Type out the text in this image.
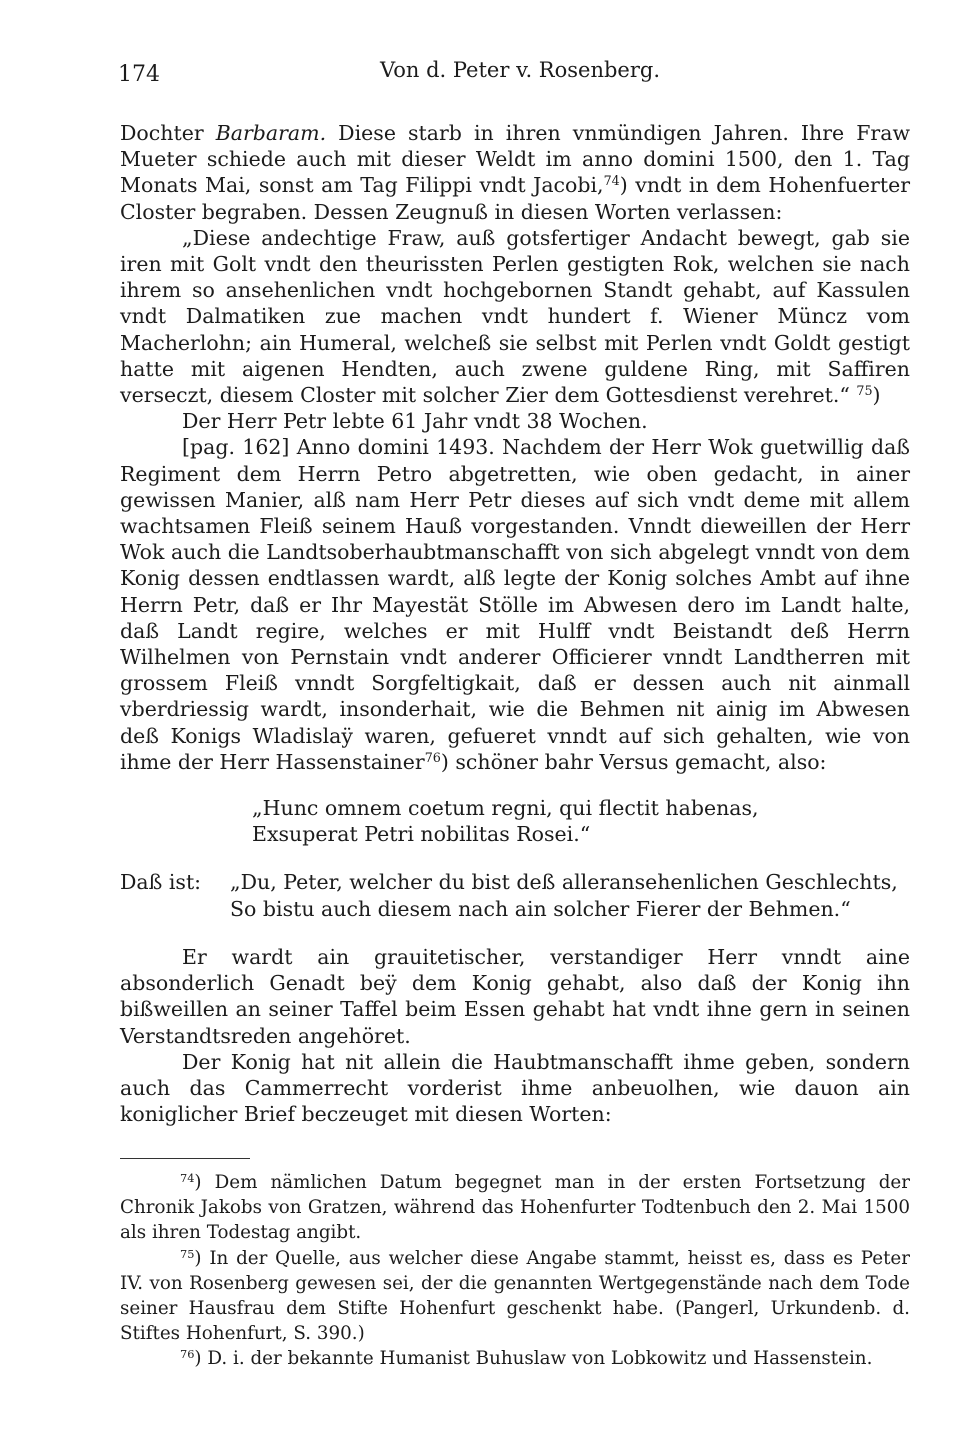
174	Von d. Peter v. Rosenberg.

Dochter Barbaram. Diese starb in ihren vnmündigen Jahren. Ihre Fraw Mueter schiede auch mit dieser Weldt im anno domini 1500, den 1. Tag Monats Mai, sonst am Tag Filippi vndt Jacobi,$^{74}$) vndt in dem Hohenfuerter Closter begraben. Dessen Zeugnuß in diesen Worten verlassen:

„Diese andechtige Fraw, auß gotsfertiger Andacht bewegt, gab sie iren mit Golt vndt den theurissten Perlen gestigten Rok, welchen sie nach ihrem so ansehenlichen vndt hochgebornen Standt gehabt, auf Kassulen vndt Dalmatiken zue machen vndt hundert f. Wiener Müncz vom Macherlohn; ain Humeral, welcheß sie selbst mit Perlen vndt Goldt gestigt hatte mit aigenen Hendten, auch zwene guldene Ring, mit Saffiren verseczt, diesem Closter mit solcher Zier dem Gottesdienst verehret.“ $^{75}$)

Der Herr Petr lebte 61 Jahr vndt 38 Wochen.

[pag. 162] Anno domini 1493. Nachdem der Herr Wok guetwillig daß Regiment dem Herrn Petro abgetretten, wie oben gedacht, in ainer gewissen Manier, alß nam Herr Petr dieses auf sich vndt deme mit allem wachtsamen Fleiß seinem Hauß vorgestanden. Vnndt dieweillen der Herr Wok auch die Landtsoberhaubtmanschafft von sich abgelegt vnndt von dem Konig dessen endtlassen wardt, alß legte der Konig solches Ambt auf ihne Herrn Petr, daß er Ihr Mayestät Stölle im Abwesen dero im Landt halte, daß Landt regire, welches er mit Hulff vndt Beistandt deß Herrn Wilhelmen von Pernstain vndt anderer Officierer vnndt Landtherren mit grossem Fleiß vnndt Sorgfeltigkait, daß er dessen auch nit ainmall vberdriessig wardt, insonderhait, wie die Behmen nit ainig im Abwesen deß Konigs Wladislaÿ waren, gefueret vnndt auf sich gehalten, wie von ihme der Herr Hassenstainer$^{76}$) schöner bahr Versus gemacht, also:

„Hunc omnem coetum regni, qui flectit habenas,
Exsuperat Petri nobilitas Rosei.“
Daß ist:	„Du, Peter, welcher du bist deß alleransehenlichen Geschlechts,
So bistu auch diesem nach ain solcher Fierer der Behmen.“

Er wardt ain grauitetischer, verstandiger Herr vnndt aine absonderlich Genadt beÿ dem Konig gehabt, also daß der Konig ihn bißweillen an seiner Taffel beim Essen gehabt hat vndt ihne gern in seinen Verstandtsreden angehöret.

Der Konig hat nit allein die Haubtmanschafft ihme geben, sondern auch das Cammerrecht vorderist ihme anbeuolhen, wie dauon ain koniglicher Brief beczeuget mit diesen Worten:

$^{74}$) Dem nämlichen Datum begegnet man in der ersten Fortsetzung der Chronik Jakobs von Gratzen, während das Hohenfurter Todtenbuch den 2. Mai 1500 als ihren Todestag angibt.

$^{75}$) In der Quelle, aus welcher diese Angabe stammt, heisst es, dass es Peter IV. von Rosenberg gewesen sei, der die genannten Wertgegenstände nach dem Tode seiner Hausfrau dem Stifte Hohenfurt geschenkt habe. (Pangerl, Urkundenb. d. Stiftes Hohenfurt, S. 390.)

$^{76}$) D. i. der bekannte Humanist Buhuslaw von Lobkowitz und Hassenstein.
